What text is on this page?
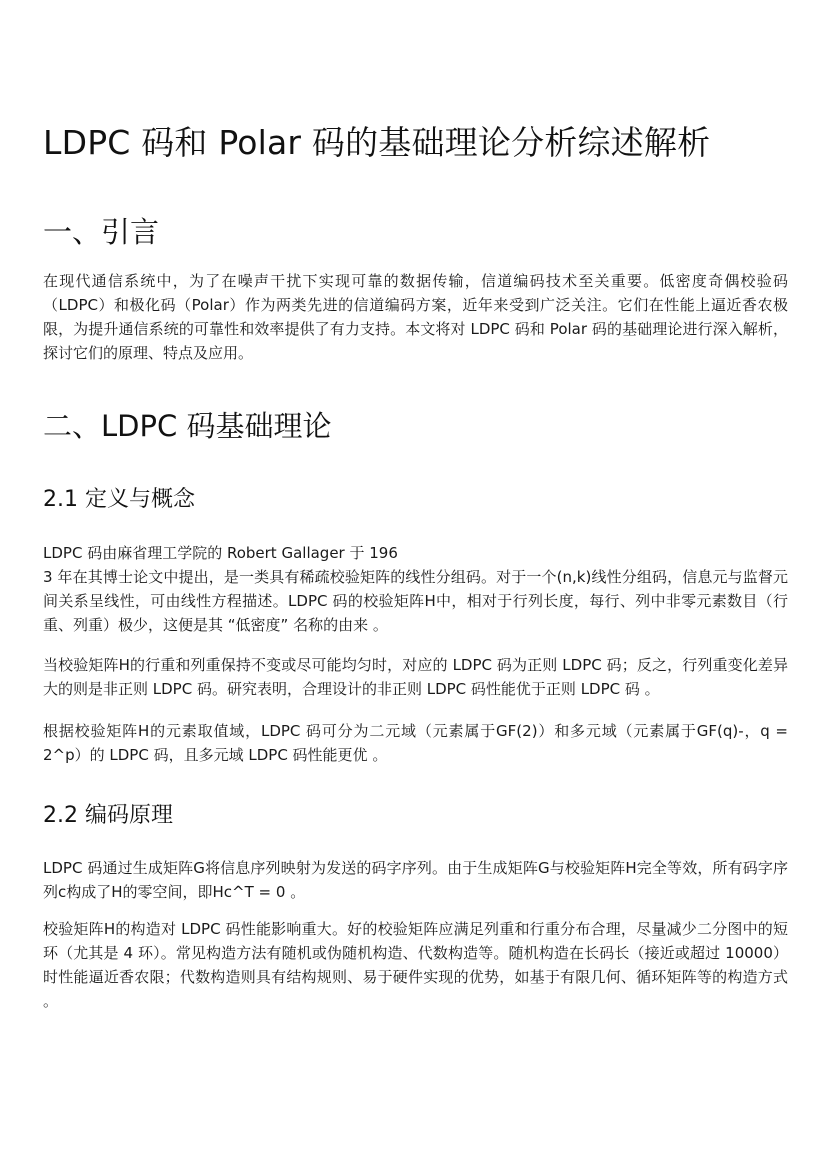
LDPC 码和 Polar 码的基础理论分析综述解析
一、引言

在现代通信系统中，为了在噪声干扰下实现可靠的数据传输，信道编码技术至关重要。低密度奇偶校验码（LDPC）和极化码（Polar）作为两类先进的信道编码方案，近年来受到广泛关注。它们在性能上逼近香农极限，为提升通信系统的可靠性和效率提供了有力支持。本文将对 LDPC 码和 Polar 码的基础理论进行深入解析，探讨它们的原理、特点及应用。

二、LDPC 码基础理论
2.1 定义与概念

LDPC 码由麻省理工学院的 Robert Gallager 于 196
3 年在其博士论文中提出，是一类具有稀疏校验矩阵的线性分组码。对于一个(n,k)线性分组码，信息元与监督元间关系呈线性，可由线性方程描述。LDPC 码的校验矩阵H中，相对于行列长度，每行、列中非零元素数目（行重、列重）极少，这便是其 “低密度” 名称的由来 。

当校验矩阵H的行重和列重保持不变或尽可能均匀时，对应的 LDPC 码为正则 LDPC 码；反之，行列重变化差异大的则是非正则 LDPC 码。研究表明，合理设计的非正则 LDPC 码性能优于正则 LDPC 码 。

根据校验矩阵H的元素取值域，LDPC 码可分为二元域（元素属于GF(2)）和多元域（元素属于GF(q)-，q = 2^p）的 LDPC 码，且多元域 LDPC 码性能更优 。

2.2 编码原理

LDPC 码通过生成矩阵G将信息序列映射为发送的码字序列。由于生成矩阵G与校验矩阵H完全等效，所有码字序列c构成了H的零空间，即Hc^T = 0 。

校验矩阵H的构造对 LDPC 码性能影响重大。好的校验矩阵应满足列重和行重分布合理，尽量减少二分图中的短环（尤其是 4 环）。常见构造方法有随机或伪随机构造、代数构造等。随机构造在长码长（接近或超过 10000）时性能逼近香农限；代数构造则具有结构规则、易于硬件实现的优势，如基于有限几何、循环矩阵等的构造方式 。
